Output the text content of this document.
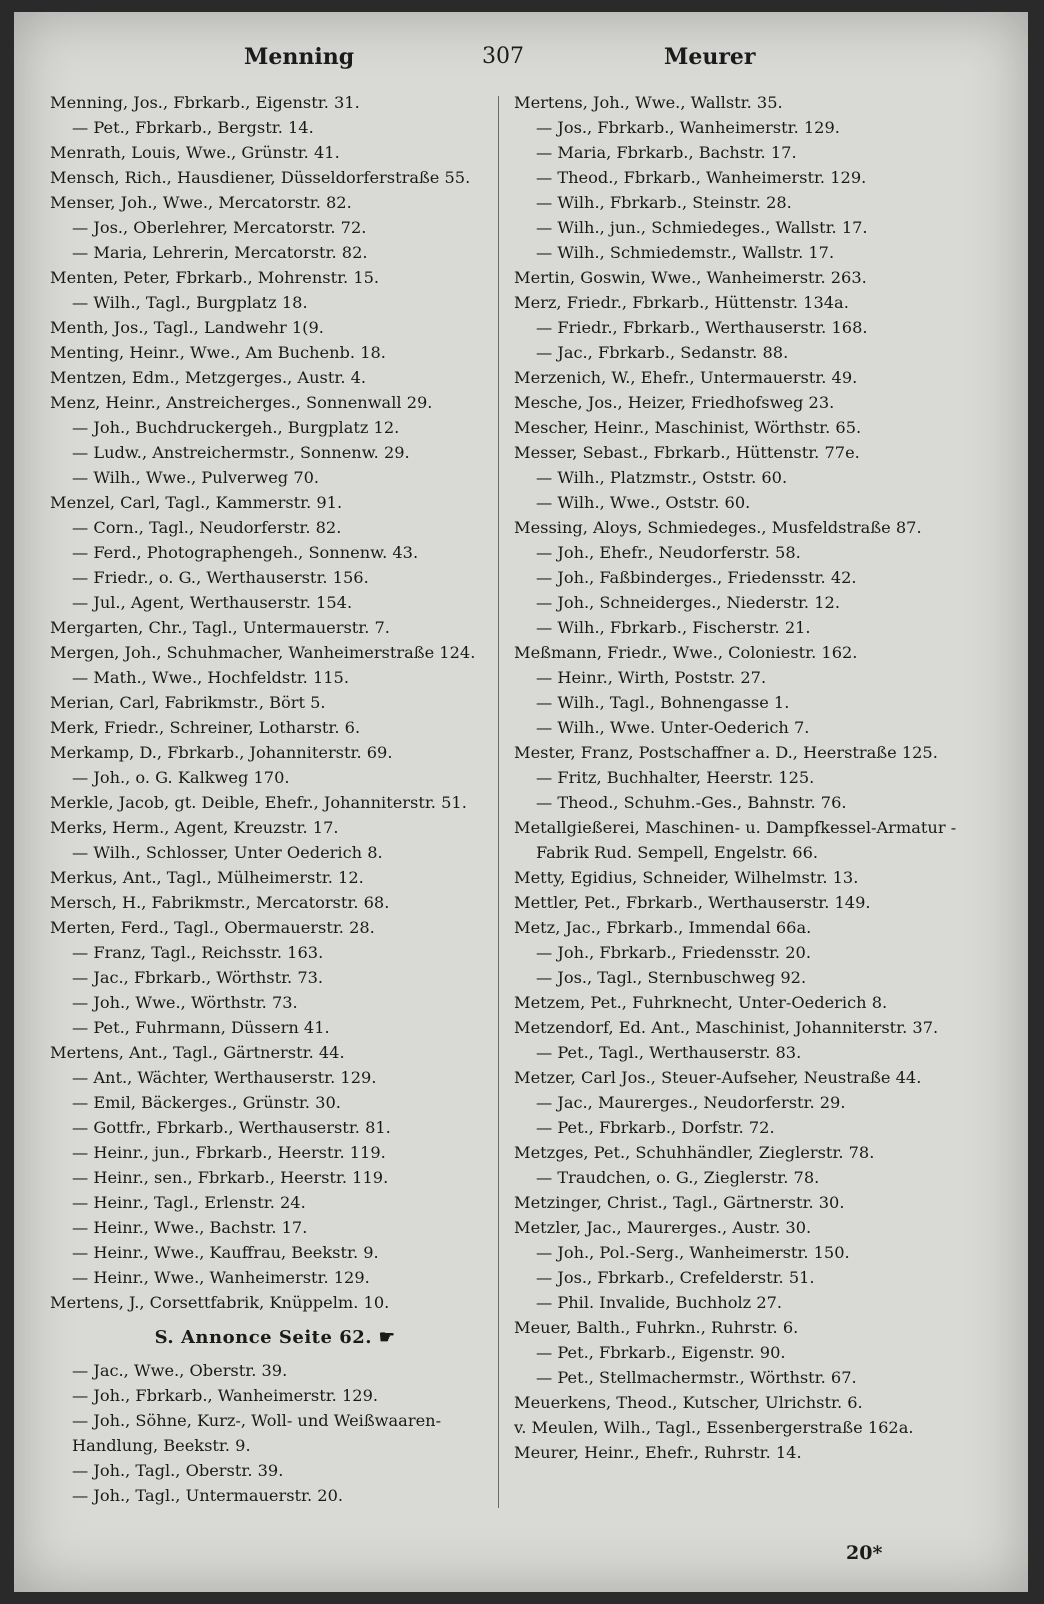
Menning	307	Meurer
Menning, Jos., Fbrkarb., Eigenstr. 31.
— Pet., Fbrkarb., Bergstr. 14.
Menrath, Louis, Wwe., Grünstr. 41.
Mensch, Rich., Hausdiener, Düsseldorferstraße 55.
Menser, Joh., Wwe., Mercatorstr. 82.
— Jos., Oberlehrer, Mercatorstr. 72.
— Maria, Lehrerin, Mercatorstr. 82.
Menten, Peter, Fbrkarb., Mohrenstr. 15.
— Wilh., Tagl., Burgplatz 18.
Menth, Jos., Tagl., Landwehr 1(9.
Menting, Heinr., Wwe., Am Buchenb. 18.
Mentzen, Edm., Metzgerges., Austr. 4.
Menz, Heinr., Anstreicherges., Sonnenwall 29.
— Joh., Buchdruckergeh., Burgplatz 12.
— Ludw., Anstreichermstr., Sonnenw. 29.
— Wilh., Wwe., Pulverweg 70.
Menzel, Carl, Tagl., Kammerstr. 91.
— Corn., Tagl., Neudorferstr. 82.
— Ferd., Photographengeh., Sonnenw. 43.
— Friedr., o. G., Werthauserstr. 156.
— Jul., Agent, Werthauserstr. 154.
Mergarten, Chr., Tagl., Untermauerstr. 7.
Mergen, Joh., Schuhmacher, Wanheimerstraße 124.
— Math., Wwe., Hochfeldstr. 115.
Merian, Carl, Fabrikmstr., Bört 5.
Merk, Friedr., Schreiner, Lotharstr. 6.
Merkamp, D., Fbrkarb., Johanniterstr. 69.
— Joh., o. G. Kalkweg 170.
Merkle, Jacob, gt. Deible, Ehefr., Johanniterstr. 51.
Merks, Herm., Agent, Kreuzstr. 17.
— Wilh., Schlosser, Unter Oederich 8.
Merkus, Ant., Tagl., Mülheimerstr. 12.
Mersch, H., Fabrikmstr., Mercatorstr. 68.
Merten, Ferd., Tagl., Obermauerstr. 28.
— Franz, Tagl., Reichsstr. 163.
— Jac., Fbrkarb., Wörthstr. 73.
— Joh., Wwe., Wörthstr. 73.
— Pet., Fuhrmann, Düssern 41.
Mertens, Ant., Tagl., Gärtnerstr. 44.
— Ant., Wächter, Werthauserstr. 129.
— Emil, Bäckerges., Grünstr. 30.
— Gottfr., Fbrkarb., Werthauserstr. 81.
— Heinr., jun., Fbrkarb., Heerstr. 119.
— Heinr., sen., Fbrkarb., Heerstr. 119.
— Heinr., Tagl., Erlenstr. 24.
— Heinr., Wwe., Bachstr. 17.
— Heinr., Wwe., Kauffrau, Beekstr. 9.
— Heinr., Wwe., Wanheimerstr. 129.
Mertens, J., Corsettfabrik, Knüppelm. 10.
S. Annonce Seite 62. ☛
— Jac., Wwe., Oberstr. 39.
— Joh., Fbrkarb., Wanheimerstr. 129.
— Joh., Söhne, Kurz-, Woll- und Weißwaaren-Handlung, Beekstr. 9.
— Joh., Tagl., Oberstr. 39.
— Joh., Tagl., Untermauerstr. 20.
Mertens, Joh., Wwe., Wallstr. 35.
— Jos., Fbrkarb., Wanheimerstr. 129.
— Maria, Fbrkarb., Bachstr. 17.
— Theod., Fbrkarb., Wanheimerstr. 129.
— Wilh., Fbrkarb., Steinstr. 28.
— Wilh., jun., Schmiedeges., Wallstr. 17.
— Wilh., Schmiedemstr., Wallstr. 17.
Mertin, Goswin, Wwe., Wanheimerstr. 263.
Merz, Friedr., Fbrkarb., Hüttenstr. 134a.
— Friedr., Fbrkarb., Werthauserstr. 168.
— Jac., Fbrkarb., Sedanstr. 88.
Merzenich, W., Ehefr., Untermauerstr. 49.
Mesche, Jos., Heizer, Friedhofsweg 23.
Mescher, Heinr., Maschinist, Wörthstr. 65.
Messer, Sebast., Fbrkarb., Hüttenstr. 77e.
— Wilh., Platzmstr., Oststr. 60.
— Wilh., Wwe., Oststr. 60.
Messing, Aloys, Schmiedeges., Musfeldstraße 87.
— Joh., Ehefr., Neudorferstr. 58.
— Joh., Faßbinderges., Friedensstr. 42.
— Joh., Schneiderges., Niederstr. 12.
— Wilh., Fbrkarb., Fischerstr. 21.
Meßmann, Friedr., Wwe., Coloniestr. 162.
— Heinr., Wirth, Poststr. 27.
— Wilh., Tagl., Bohnengasse 1.
— Wilh., Wwe. Unter-Oederich 7.
Mester, Franz, Postschaffner a. D., Heerstraße 125.
— Fritz, Buchhalter, Heerstr. 125.
— Theod., Schuhm.-Ges., Bahnstr. 76.
Metallgießerei, Maschinen- u. Dampfkessel-Armatur - Fabrik Rud. Sempell, Engelstr. 66.
Metty, Egidius, Schneider, Wilhelmstr. 13.
Mettler, Pet., Fbrkarb., Werthauserstr. 149.
Metz, Jac., Fbrkarb., Immendal 66a.
— Joh., Fbrkarb., Friedensstr. 20.
— Jos., Tagl., Sternbuschweg 92.
Metzem, Pet., Fuhrknecht, Unter-Oederich 8.
Metzendorf, Ed. Ant., Maschinist, Johanniterstr. 37.
— Pet., Tagl., Werthauserstr. 83.
Metzer, Carl Jos., Steuer-Aufseher, Neustraße 44.
— Jac., Maurerges., Neudorferstr. 29.
— Pet., Fbrkarb., Dorfstr. 72.
Metzges, Pet., Schuhhändler, Zieglerstr. 78.
— Traudchen, o. G., Zieglerstr. 78.
Metzinger, Christ., Tagl., Gärtnerstr. 30.
Metzler, Jac., Maurerges., Austr. 30.
— Joh., Pol.-Serg., Wanheimerstr. 150.
— Jos., Fbrkarb., Crefelderstr. 51.
— Phil. Invalide, Buchholz 27.
Meuer, Balth., Fuhrkn., Ruhrstr. 6.
— Pet., Fbrkarb., Eigenstr. 90.
— Pet., Stellmachermstr., Wörthstr. 67.
Meuerkens, Theod., Kutscher, Ulrichstr. 6.
v. Meulen, Wilh., Tagl., Essenbergerstraße 162a.
Meurer, Heinr., Ehefr., Ruhrstr. 14.
20*
